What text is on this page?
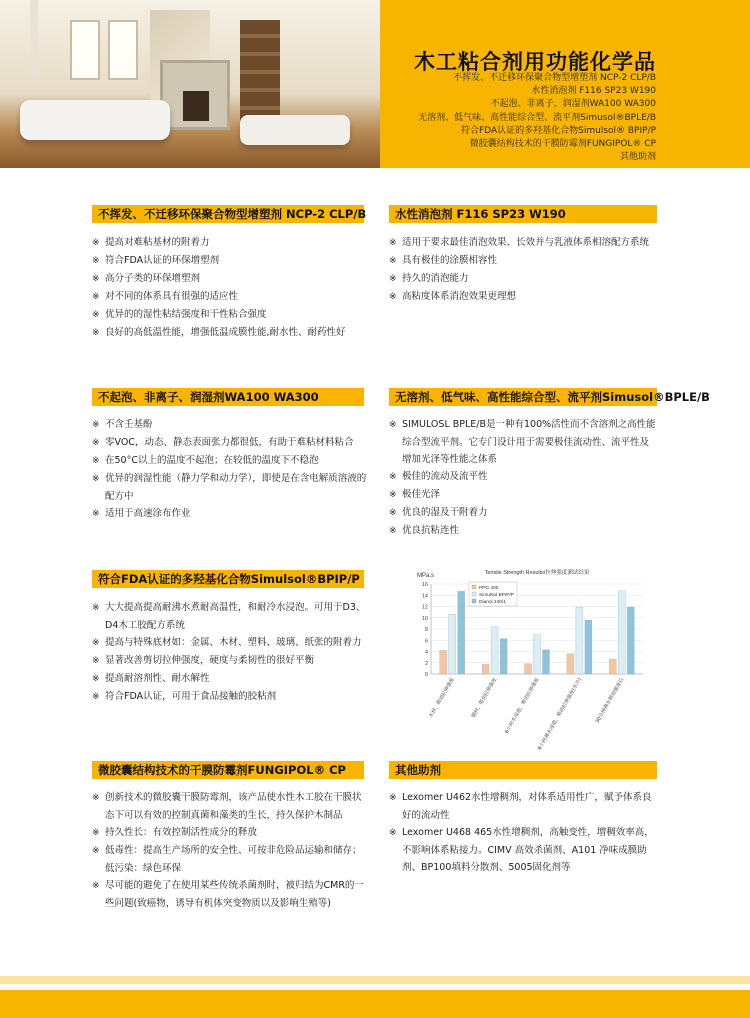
木工粘合剂用功能化学品
不挥发、不迁移环保聚合物型增塑剂 NCP-2 CLP/B
水性消泡剂 F116 SP23 W190
不起泡、非离子、润湿剂WA100 WA300
无溶剂、低气味、高性能综合型、流平剂Simusol®BPLE/B
符合FDA认证的多羟基化合物Simulsol® BPIP/P
微胶囊结构技术的干膜防霉剂FUNGIPOL® CP
其他助剂
不挥发、不迁移环保聚合物型增塑剂 NCP-2 CLP/B
※ 提高对难粘基材的附着力
※ 符合FDA认证的环保增塑剂
※ 高分子类的环保增塑剂
※ 对不同的体系具有很强的适应性
※ 优异的的湿性粘结强度和干性粘合强度
※ 良好的高低温性能，增强低温成膜性能,耐水性、耐药性好
不起泡、非离子、润湿剂WA100 WA300
※ 不含壬基酚
※ 零VOC，动态、静态表面张力都很低，有助于难粘材料粘合
※ 在50°C以上的温度不起泡；在较低的温度下不稳泡
※ 优异的润湿性能（静力学和动力学），即使是在含电解质溶液的配方中
※ 适用于高速涂布作业
符合FDA认证的多羟基化合物Simulsol®BPIP/P
※ 大大提高提高耐沸水煮耐高温性，和耐冷水浸泡。可用于D3、D4木工胶配方系统
※ 提高与特殊底材如：金属、木材、塑料、玻璃、纸张的附着力
※ 显著改善剪切拉伸强度，硬度与柔韧性的很好平衡
※ 提高耐溶剂性、耐水解性
※ 符合FDA认证，可用于食品接触的胶粘剂
微胶囊结构技术的干膜防霉剂FUNGIPOL® CP
※ 创新技术的微胶囊干膜防霉剂，该产品使水性木工胶在干膜状态下可以有效的控制真菌和藻类的生长，持久保护木制品
※ 持久性长：有效控制活性成分的释放
※ 低毒性：提高生产场所的安全性、可按非危险品运输和储存； 低污染：绿色环保
※ 尽可能的避免了在使用某些传统杀菌剂时，被归结为CMR的一些问题(致癌物，诱导有机体突变物质以及影响生殖等)
水性消泡剂 F116 SP23 W190
※ 适用于要求最佳消泡效果、长效并与乳液体系相溶配方系统
※ 具有极佳的涂膜相容性
※ 持久的消泡能力
※ 高粘度体系消泡效果更理想
无溶剂、低气味、高性能综合型、流平剂Simusol®BPLE/B
※ SIMULOSL BPLE/B是一种有100%活性而不含溶剂之高性能综合型流平剂。它专门设计用于需要极佳流动性、流平性及增加光泽等性能之体系
※ 极佳的流动及流平性
※ 极佳光泽
※ 优良的湿及干附着力
※ 优良抗粘连性
Tensile Strength Results/拉伸强度测试结果
MPa.s
0
2
4
6
8
10
12
14
16
木材，剪切拉伸强度	钢材，剪切拉伸强度 6小时水浸泡，剪切拉伸强度
6小时沸水浸泡，剪切拉伸强度(水冷) 30分钟沸水剪切强度后
PPG 400
Simulsol BPIP/P
Dianol 240/1
其他助剂
※ Lexomer U462水性增稠剂，对体系适用性广，赋予体系良好的流动性
※ Lexomer U468 465水性增稠剂，高触变性，增稠效率高，不影响体系粘接力。CIMV 高效杀菌剂、A101 净味成膜助剂、BP100填料分散剂、5005固化剂等
